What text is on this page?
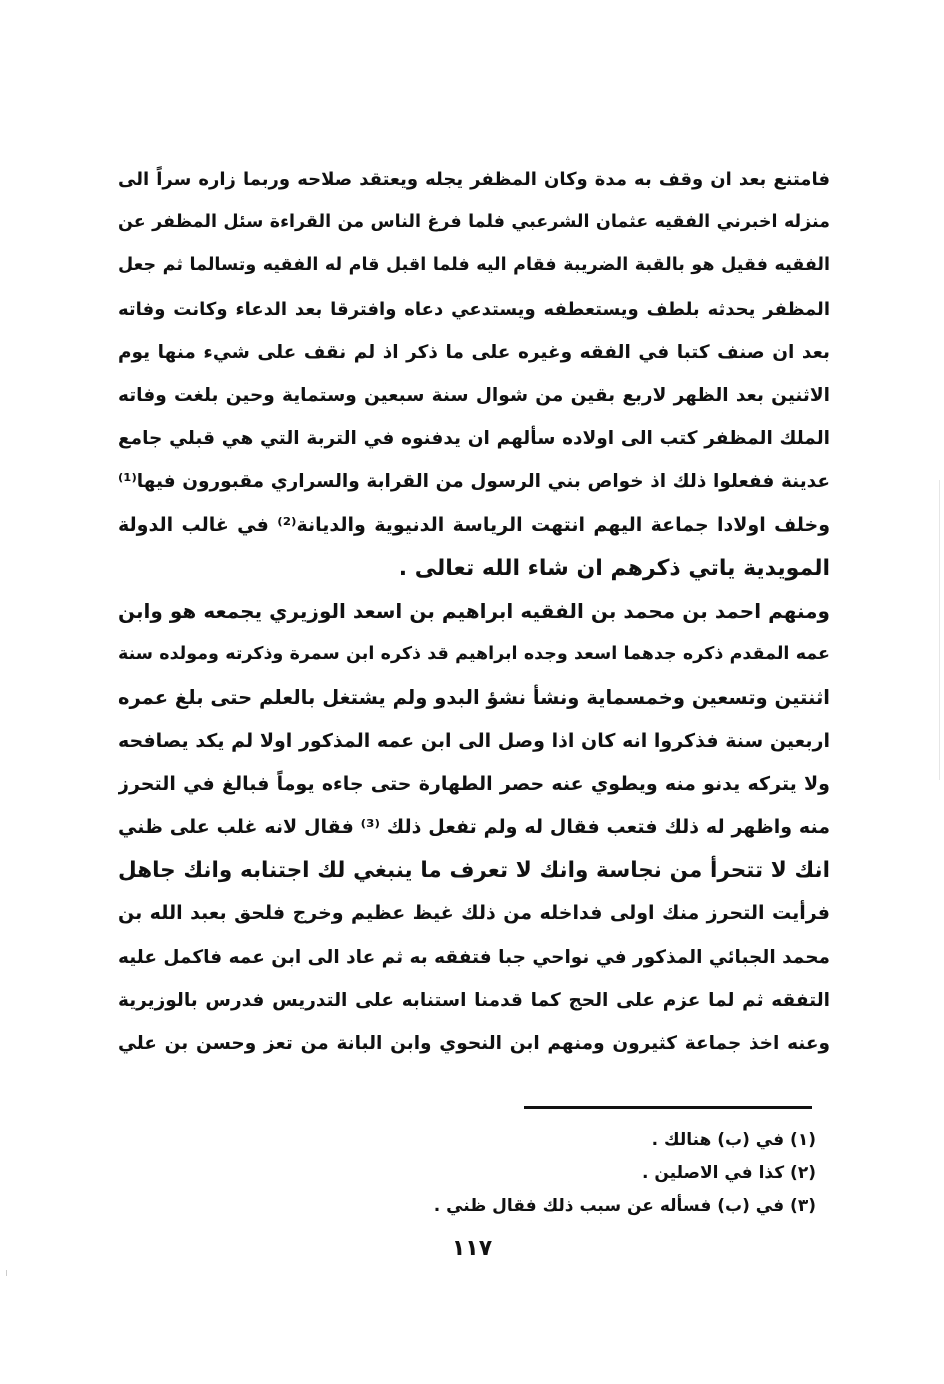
فامتنع بعد ان وقف به مدة وكان المظفر يجله ويعتقد صلاحه وربما زاره سراً الى
منزله اخبرني الفقيه عثمان الشرعبي فلما فرغ الناس من القراءة سئل المظفر عن
الفقيه فقيل هو بالقبة الضريبة فقام اليه فلما اقبل قام له الفقيه وتسالما ثم جعل
المظفر يحدثه بلطف ويستعطفه ويستدعي دعاه وافترقا بعد الدعاء وكانت وفاته
بعد ان صنف كتبا في الفقه وغيره على ما ذكر اذ لم نقف على شيء منها يوم
الاثنين بعد الظهر لاربع بقين من شوال سنة سبعين وستماية وحين بلغت وفاته
الملك المظفر كتب الى اولاده سألهم ان يدفنوه في التربة التي هي قبلي جامع
عدينة ففعلوا ذلك اذ خواص بني الرسول من القرابة والسراري مقبورون فيها⁽¹⁾
وخلف اولادا جماعة اليهم انتهت الرياسة الدنيوية والديانة⁽²⁾ في غالب الدولة
المويدية ياتي ذكرهم ان شاء الله تعالى .
ومنهم احمد بن محمد بن الفقيه ابراهيم بن اسعد الوزيري يجمعه هو وابن
عمه المقدم ذكره جدهما اسعد وجده ابراهيم قد ذكره ابن سمرة وذكرته ومولده سنة
اثنتين وتسعين وخمسماية ونشأ نشؤ البدو ولم يشتغل بالعلم حتى بلغ عمره
اربعين سنة فذكروا انه كان اذا وصل الى ابن عمه المذكور اولا لم يكد يصافحه
ولا يتركه يدنو منه ويطوي عنه حصر الطهارة حتى جاءه يوماً فبالغ في التحرز
منه واظهر له ذلك فتعب فقال له ولم تفعل ذلك ⁽³⁾ فقال لانه غلب على ظني
انك لا تتحرأ من نجاسة وانك لا تعرف ما ينبغي لك اجتنابه وانك جاهل
فرأيت التحرز منك اولى فداخله من ذلك غيظ عظيم وخرج فلحق بعبد الله بن
محمد الجبائي المذكور في نواحي جبا فتفقه به ثم عاد الى ابن عمه فاكمل عليه
التفقه ثم لما عزم على الحج كما قدمنا استنابه على التدريس فدرس بالوزيرية
وعنه اخذ جماعة كثيرون ومنهم ابن النحوي وابن البانة من تعز وحسن بن علي
(١) في (ب) هنالك .
(٢) كذا في الاصلين .
(٣) في (ب) فسأله عن سبب ذلك فقال ظني .
١١٧
